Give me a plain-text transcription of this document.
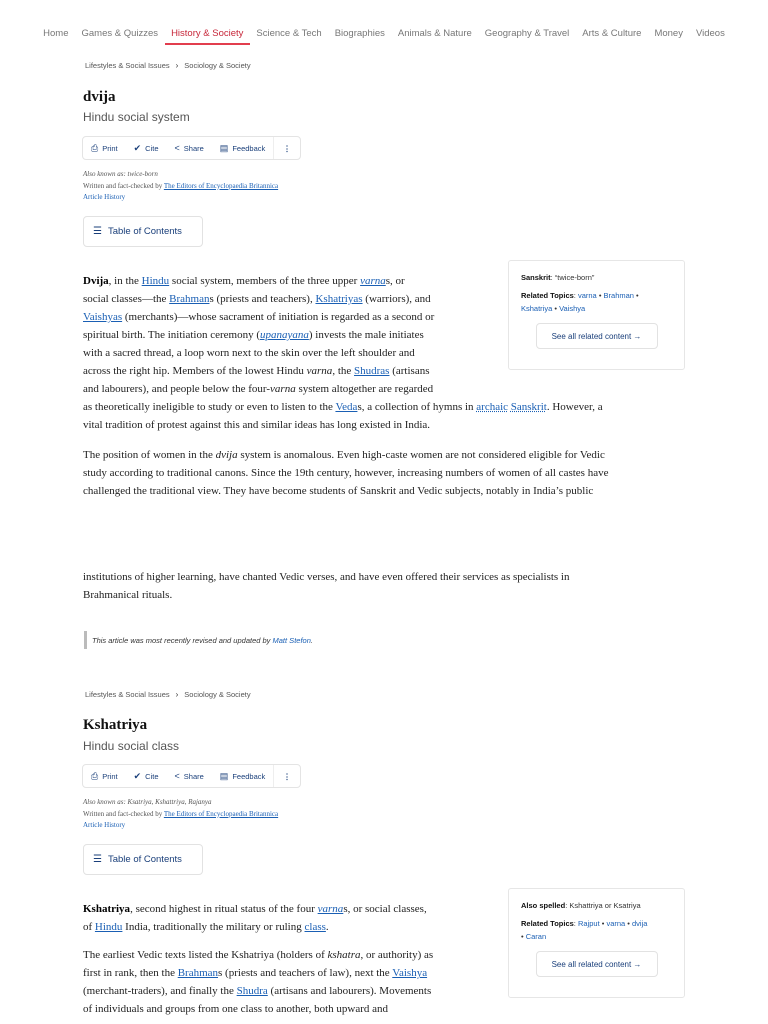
Home	Games & Quizzes	History & Society	Science & Tech	Biographies	Animals & Nature	Geography & Travel	Arts & Culture	Money	Videos
Lifestyles & Social Issues › Sociology & Society
dvija
Hindu social system
⎙ Print ✔ Cite < Share ▤ Feedback	⋮
Also known as: twice-born
Written and fact-checked by The Editors of Encyclopaedia Britannica
Article History
☰ Table of Contents
Sanskrit: “twice-born”
Related Topics: varna • Brahman • Kshatriya • Vaishya
See all related content →
Dvija, in the Hindu social system, members of the three upper varnas, or
social classes—the Brahmans (priests and teachers), Kshatriyas (warriors), and
Vaishyas (merchants)—whose sacrament of initiation is regarded as a second or
spiritual birth. The initiation ceremony (upanayana) invests the male initiates
with a sacred thread, a loop worn next to the skin over the left shoulder and
across the right hip. Members of the lowest Hindu varna, the Shudras (artisans
and labourers), and people below the four-varna system altogether are regarded
as theoretically ineligible to study or even to listen to the Vedas, a collection of hymns in archaic Sanskrit. However, a
vital tradition of protest against this and similar ideas has long existed in India.
The position of women in the dvija system is anomalous. Even high-caste women are not considered eligible for Vedic
study according to traditional canons. Since the 19th century, however, increasing numbers of women of all castes have
challenged the traditional view. They have become students of Sanskrit and Vedic subjects, notably in India’s public
institutions of higher learning, have chanted Vedic verses, and have even offered their services as specialists in
Brahmanical rituals.
This article was most recently revised and updated by
Matt Stefon .
Lifestyles & Social Issues › Sociology & Society
Kshatriya
Hindu social class
⎙ Print ✔ Cite < Share ▤ Feedback	⋮
Also known as: Ksatriya, Kshattriya, Rajanya
Written and fact-checked by The Editors of Encyclopaedia Britannica
Article History
☰ Table of Contents
Also spelled: Kshattriya or Ksatriya
Related Topics: Rajput • varna • dvija
• Caran
See all related content →
Kshatriya, second highest in ritual status of the four varnas, or social classes,
of Hindu India, traditionally the military or ruling class.
The earliest Vedic texts listed the Kshatriya (holders of kshatra, or authority) as
first in rank, then the Brahmans (priests and teachers of law), next the Vaishya
(merchant-traders), and finally the Shudra (artisans and labourers). Movements
of individuals and groups from one class to another, both upward and
